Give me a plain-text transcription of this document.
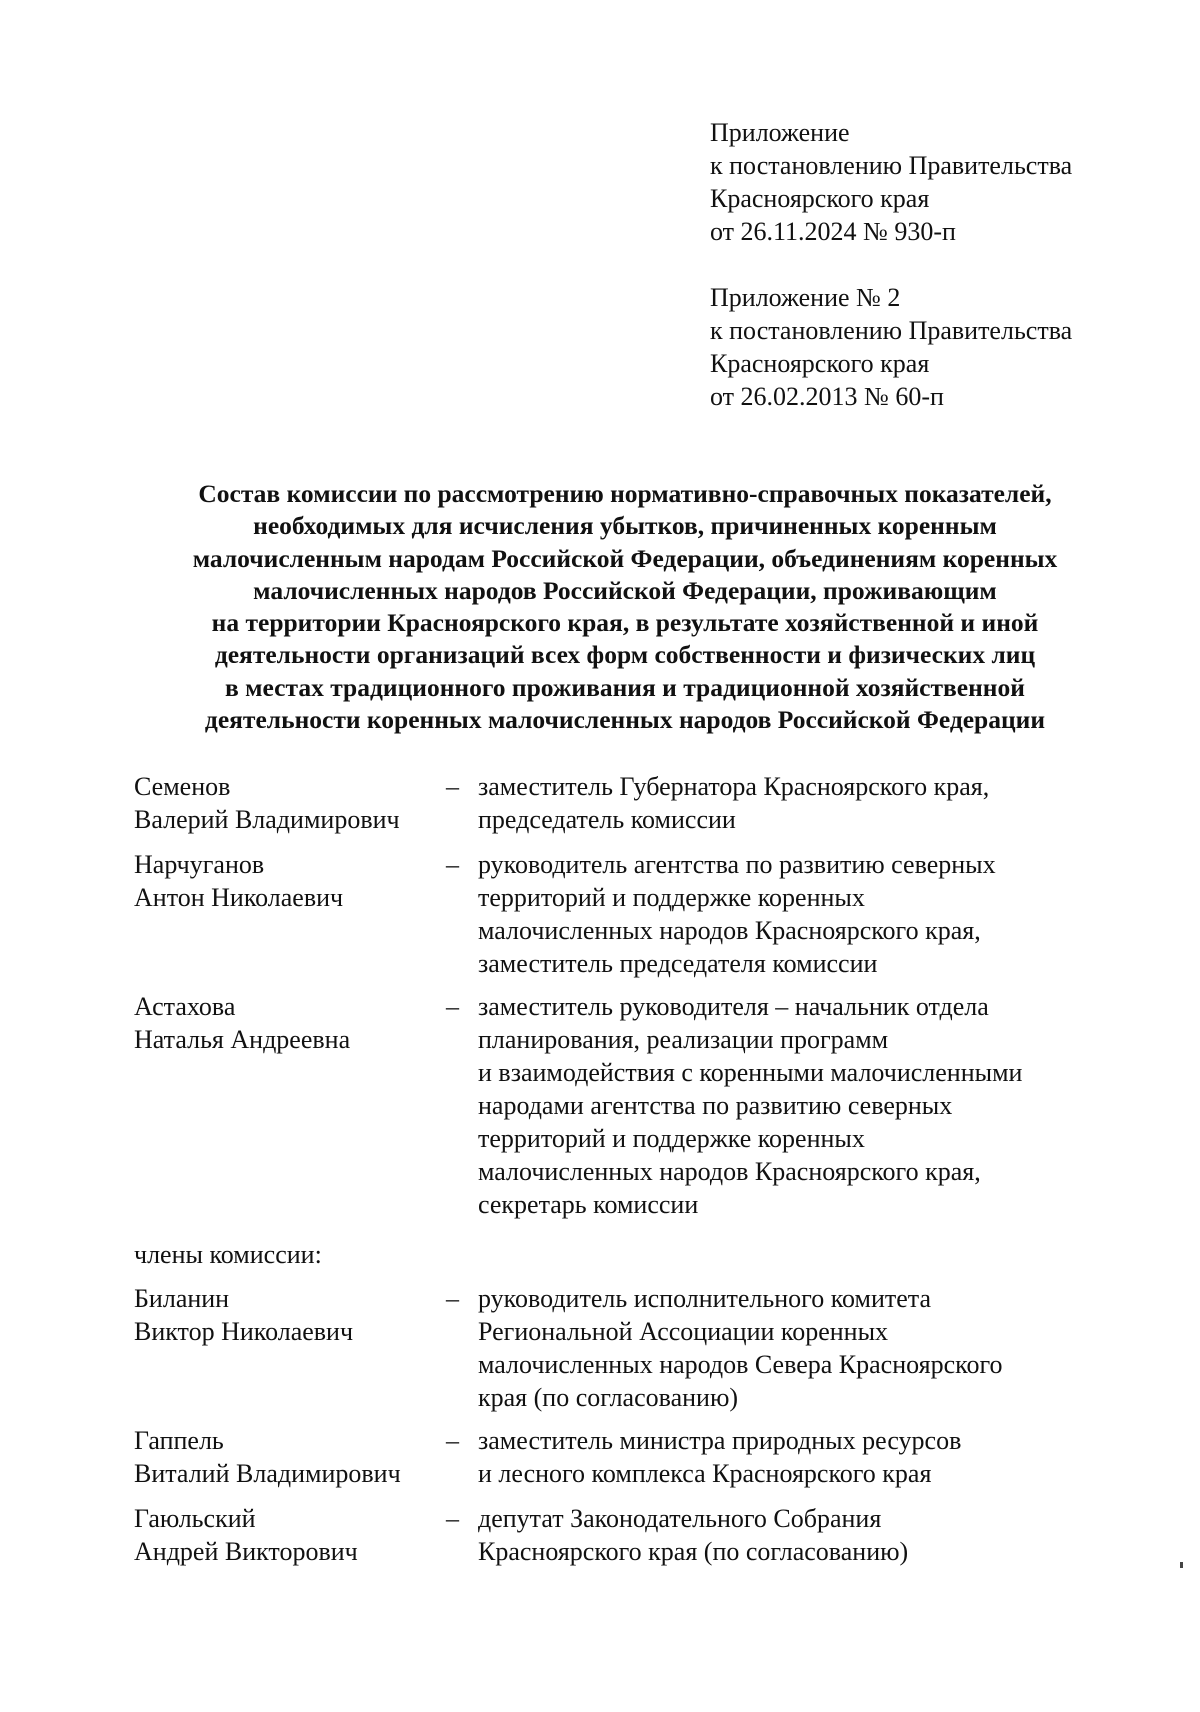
Приложение
к постановлению Правительства
Красноярского края
от 26.11.2024 № 930-п
Приложение № 2
к постановлению Правительства
Красноярского края
от 26.02.2013 № 60-п
Состав комиссии по рассмотрению нормативно-справочных показателей,
необходимых для исчисления убытков, причиненных коренным
малочисленным народам Российской Федерации, объединениям коренных
малочисленных народов Российской Федерации, проживающим
на территории Красноярского края, в результате хозяйственной и иной
деятельности организаций всех форм собственности и физических лиц
в местах традиционного проживания и традиционной хозяйственной
деятельности коренных малочисленных народов Российской Федерации
Семенов
Валерий Владимирович
– заместитель Губернатора Красноярского края,
председатель комиссии
Нарчуганов
Антон Николаевич
– руководитель агентства по развитию северных
территорий и поддержке коренных
малочисленных народов Красноярского края,
заместитель председателя комиссии
Астахова
Наталья Андреевна
– заместитель руководителя – начальник отдела
планирования, реализации программ
и взаимодействия с коренными малочисленными
народами агентства по развитию северных
территорий и поддержке коренных
малочисленных народов Красноярского края,
секретарь комиссии
члены комиссии:
Биланин
Виктор Николаевич
– руководитель исполнительного комитета
Региональной Ассоциации коренных
малочисленных народов Севера Красноярского
края (по согласованию)
Гаппель
Виталий Владимирович
– заместитель министра природных ресурсов
и лесного комплекса Красноярского края
Гаюльский
Андрей Викторович
– депутат Законодательного Собрания
Красноярского края (по согласованию)
